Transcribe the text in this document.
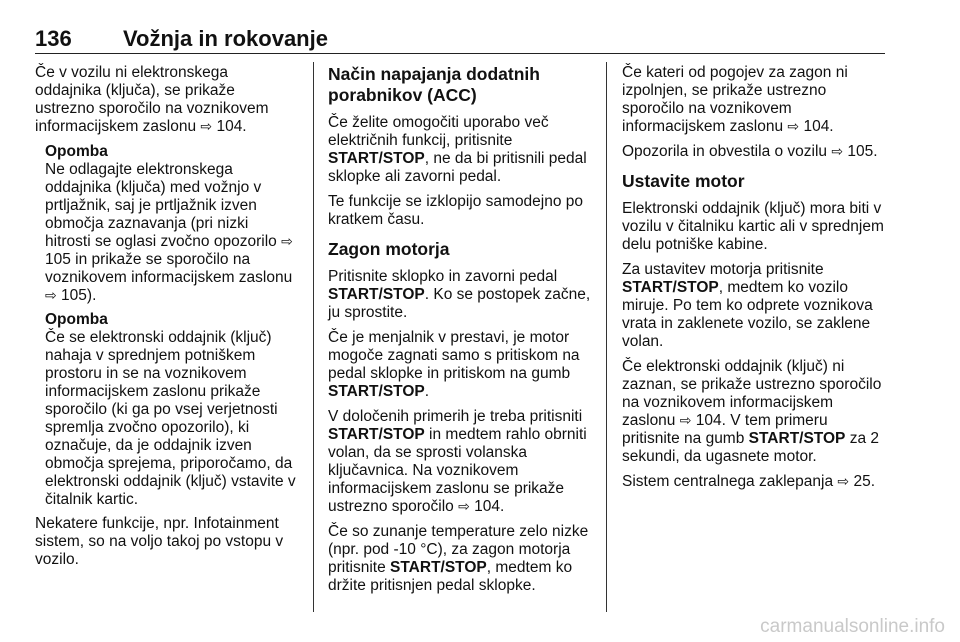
136 Vožnja in rokovanje

Če v vozilu ni elektronskega oddajnika (ključa), se prikaže ustrezno sporočilo na voznikovem informacijskem zaslonu ⇨ 104.

Opomba
Ne odlagajte elektronskega oddajnika (ključa) med vožnjo v prtljažnik, saj je prtljažnik izven območja zaznavanja (pri nizki hitrosti se oglasi zvočno opozorilo ⇨ 105 in prikaže se sporočilo na voznikovem informacijskem zaslonu ⇨ 105).
Opomba
Če se elektronski oddajnik (ključ) nahaja v sprednjem potniškem prostoru in se na voznikovem informacijskem zaslonu prikaže sporočilo (ki ga po vsej verjetnosti spremlja zvočno opozorilo), ki označuje, da je oddajnik izven območja sprejema, priporočamo, da elektronski oddajnik (ključ) vstavite v čitalnik kartic.

Nekatere funkcije, npr. Infotainment sistem, so na voljo takoj po vstopu v vozilo.

Način napajanja dodatnih porabnikov (ACC)

Če želite omogočiti uporabo več električnih funkcij, pritisnite START/STOP, ne da bi pritisnili pedal sklopke ali zavorni pedal.

Te funkcije se izklopijo samodejno po kratkem času.

Zagon motorja

Pritisnite sklopko in zavorni pedal START/STOP. Ko se postopek začne, ju sprostite.

Če je menjalnik v prestavi, je motor mogoče zagnati samo s pritiskom na pedal sklopke in pritiskom na gumb START/STOP.

V določenih primerih je treba pritisniti START/STOP in medtem rahlo obrniti volan, da se sprosti volanska ključavnica. Na voznikovem informacijskem zaslonu se prikaže ustrezno sporočilo ⇨ 104.

Če so zunanje temperature zelo nizke (npr. pod -10 °C), za zagon motorja pritisnite START/STOP, medtem ko držite pritisnjen pedal sklopke.

Če kateri od pogojev za zagon ni izpolnjen, se prikaže ustrezno sporočilo na voznikovem informacijskem zaslonu ⇨ 104.

Opozorila in obvestila o vozilu ⇨ 105.

Ustavite motor

Elektronski oddajnik (ključ) mora biti v vozilu v čitalniku kartic ali v sprednjem delu potniške kabine.

Za ustavitev motorja pritisnite START/STOP, medtem ko vozilo miruje. Po tem ko odprete voznikova vrata in zaklenete vozilo, se zaklene volan.

Če elektronski oddajnik (ključ) ni zaznan, se prikaže ustrezno sporočilo na voznikovem informacijskem zaslonu ⇨ 104. V tem primeru pritisnite na gumb START/STOP za 2 sekundi, da ugasnete motor.

Sistem centralnega zaklepanja ⇨ 25.

carmanualsonline.info
